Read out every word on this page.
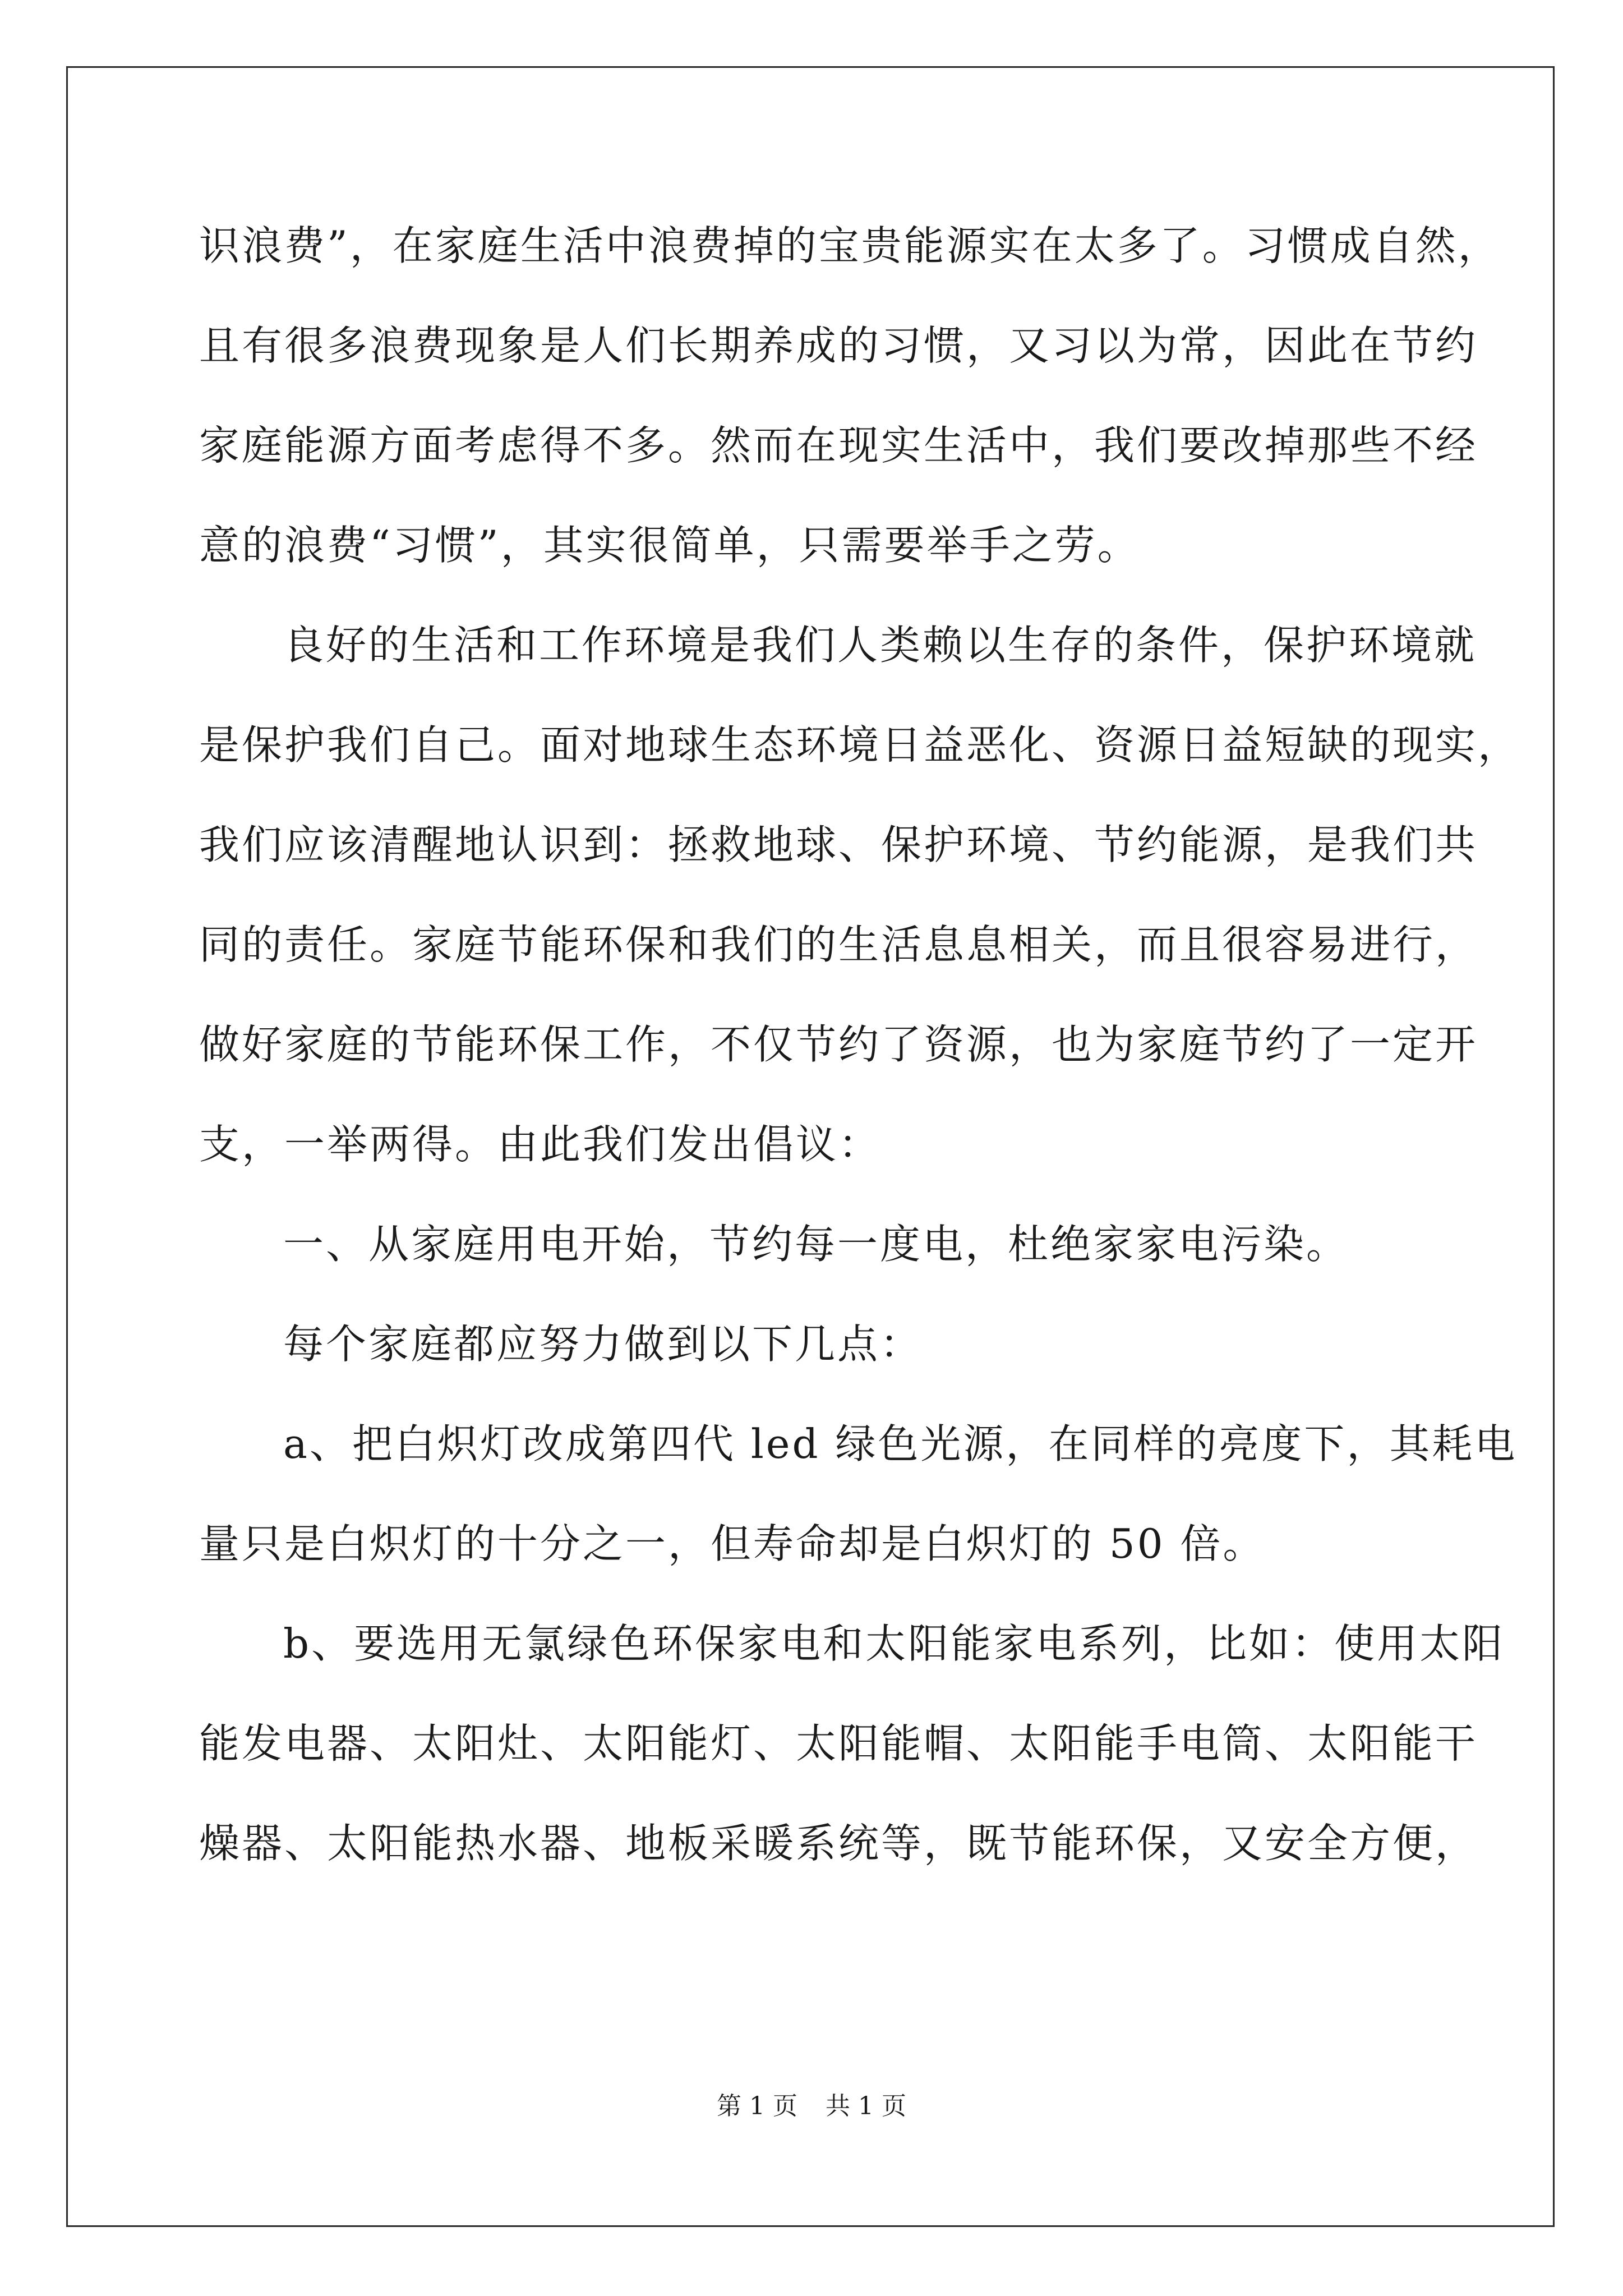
识浪费”，在家庭生活中浪费掉的宝贵能源实在太多了。习惯成自然，

且有很多浪费现象是人们长期养成的习惯，又习以为常，因此在节约

家庭能源方面考虑得不多。然而在现实生活中，我们要改掉那些不经

意的浪费“习惯”，其实很简单，只需要举手之劳。

良好的生活和工作环境是我们人类赖以生存的条件，保护环境就

是保护我们自己。面对地球生态环境日益恶化、资源日益短缺的现实，

我们应该清醒地认识到：拯救地球、保护环境、节约能源，是我们共

同的责任。家庭节能环保和我们的生活息息相关，而且很容易进行，

做好家庭的节能环保工作，不仅节约了资源，也为家庭节约了一定开

支，一举两得。由此我们发出倡议：

一、从家庭用电开始，节约每一度电，杜绝家家电污染。

每个家庭都应努力做到以下几点：

a、把白炽灯改成第四代 led 绿色光源，在同样的亮度下，其耗电

量只是白炽灯的十分之一，但寿命却是白炽灯的 50 倍。

b、要选用无氯绿色环保家电和太阳能家电系列，比如：使用太阳

能发电器、太阳灶、太阳能灯、太阳能帽、太阳能手电筒、太阳能干

燥器、太阳能热水器、地板采暖系统等，既节能环保，又安全方便，

第 1 页 共 1 页
